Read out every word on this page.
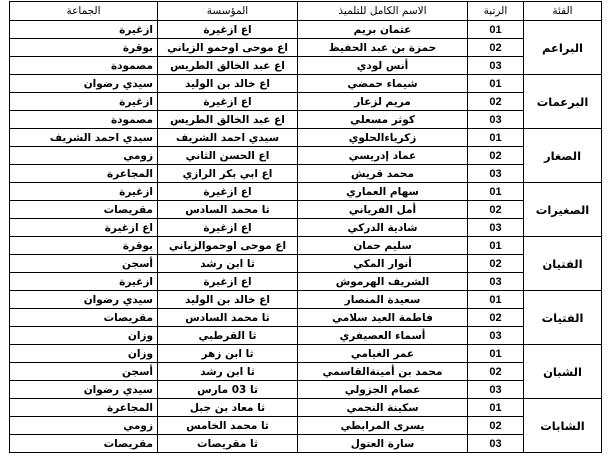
الفئة	الرتبة	الاسم الكامل للتلميذ	المؤسسة	الجماعة
البراعم	01	عثمان بريم	اع ازغيرة	ازغيرة
	02	حمزة بن عبد الحفيظ	اع موحى اوحمو الزياني	بوقرة
	03	أنس لودي	اع عبد الخالق الطريس	مصمودة
البرعمات	01	شيماء حمضي	اع خالد بن الوليد	سيدي رضوان
	02	مريم لزعار	اع ازغيرة	ازغيرة
	03	كوثر مسعلي	اع عبد الخالق الطريس	مصمودة
الصغار	01	زكرياءالحلوي	سيدي احمد الشريف	سيدي احمد الشريف
	02	عماد إدريسي	اع الحسن الثاني	زومي
	03	محمد قريش	اع ابي بكر الرازي	المجاعرة
الصغيرات	01	سهام العماري	اع ازغيرة	ازغيرة
	02	أمل الفرياني	ثا محمد السادس	مقريصات
	03	شادية الدركي	اع ازغيرة	اع ازغيرة
الفتيان	01	سليم حمان	اع موحى اوحموالزياني	بوقرة
	02	أنوار المكي	ثا ابن رشد	أسجن
	03	الشريف الهرموش	اع ازغيرة	ازغيرة
الفتيات	01	سعيدة المنصار	اع خالد بن الوليد	سيدي رضوان
	02	فاطمة العيد سلامي	ثا محمد السادس	مقريصات
	03	أسماء العصيفري	ثا القرطبي	وزان
الشبان	01	عمر الغيامي	ثا ابن زهر	وزان
	02	محمد بن أمينةالقاسمي	ثا ابن رشد	أسجن
	03	عصام الجزولي	ثا 03 مارس	سيدي رضوان
الشابات	01	سكينة النجمي	ثا معاد بن جبل	المجاعرة
	02	يسرى المرابطي	ثا محمد الخامس	زومي
	03	سارة العتول	ثا مقريصات	مقريصات
